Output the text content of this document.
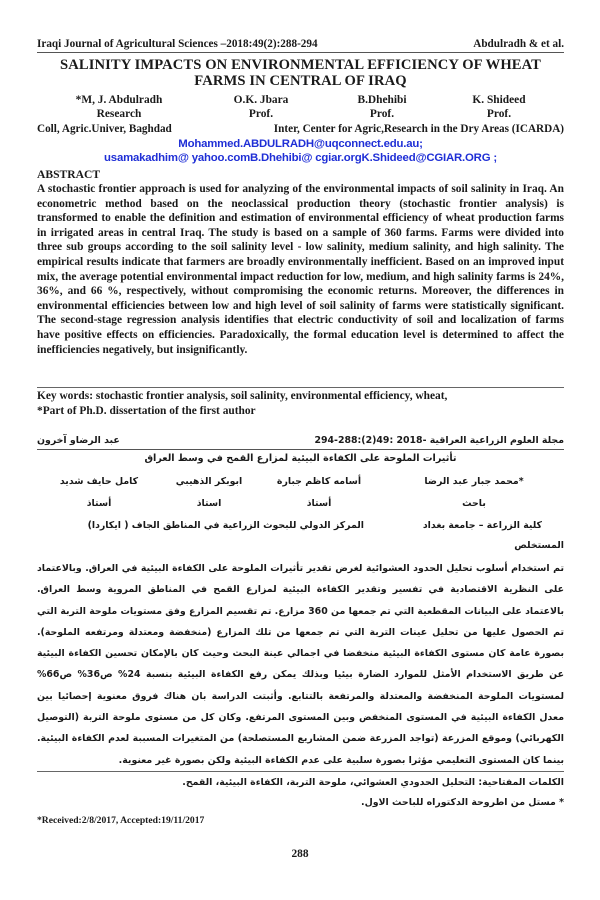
Iraqi Journal of Agricultural Sciences –2018:49(2):288-294	Abdulradh & et al.
SALINITY IMPACTS ON ENVIRONMENTAL EFFICIENCY OF WHEAT
FARMS IN CENTRAL OF IRAQ
*M, J. Abdulradh
Research
O.K. Jbara
Prof.
B.Dhehibi
Prof.
K. Shideed
Prof.
Coll, Agric.Univer, Baghdad	Inter, Center for Agric,Research in the Dry Areas (ICARDA)
Mohammed.ABDULRADH@uqconnect.edu.au;
usamakadhim@ yahoo.comB.Dhehibi@ cgiar.orgK.Shideed@CGIAR.ORG ;
ABSTRACT
A stochastic frontier approach is used for analyzing of the environmental impacts of soil salinity in Iraq. An econometric method based on the neoclassical production theory (stochastic frontier analysis) is transformed to enable the definition and estimation of environmental efficiency of wheat production farms in irrigated areas in central Iraq. The study is based on a sample of 360 farms. Farms were divided into three sub groups according to the soil salinity level - low salinity, medium salinity, and high salinity. The empirical results indicate that farmers are broadly environmentally inefficient. Based on an improved input mix, the average potential environmental impact reduction for low, medium, and high salinity farms is 24%, 36%, and 66 %, respectively, without compromising the economic returns. Moreover, the differences in environmental efficiencies between low and high level of soil salinity of farms were statistically significant. The second-stage regression analysis identifies that electric conductivity of soil and localization of farms have positive effects on efficiencies. Paradoxically, the formal education level is determined to affect the inefficiencies negatively, but insignificantly.
Key words: stochastic frontier analysis, soil salinity, environmental efficiency, wheat,
*Part of Ph.D. dissertation of the first author
مجلة العلوم الزراعية العراقية -2018 :49(2):288-294
عبد الرضاو آخرون
تأثيرات الملوحة على الكفاءة البيئية لمزارع القمح في وسط العراق
*محمد جبار عبد الرضا
أسامه كاظم جبارة
ابوبكر الذهيبي
كامل حايف شديد
باحث
أستاذ
استاذ
أستاذ
كلية الزراعة – جامعة بغداد
المركز الدولي للبحوث الزراعية في المناطق الجاف ( ايكاردا)
المستخلص
تم استخدام أسلوب تحليل الحدود العشوائية لغرض تقدير تأثيرات الملوحة على الكفاءة البيئية في العراق. وبالاعتماد على النظرية الاقتصادية في تفسير وتقدير الكفاءة البيئية لمزارع القمح في المناطق المروية وسط العراق. بالاعتماد على البيانات المقطعية التي تم جمعها من 360 مزارع. تم تقسيم المزارع وفق مستويات ملوحة التربة التي تم الحصول عليها من تحليل عينات التربة التي تم جمعها من تلك المزارع (منخفضة ومعتدلة ومرتفعه الملوحة). بصورة عامة كان مستوى الكفاءة البيئية منخفضا في اجمالي عينة البحث وحيث كان بالإمكان تحسين الكفاءة البيئية عن طريق الاستخدام الأمثل للموارد الضارة بيئيا وبذلك يمكن رفع الكفاءة البيئية بنسبة 24% ص36% ص66% لمستويات الملوحة المنخفضة والمعتدلة والمرتفعة بالتتابع. وأثبتت الدراسة بان هناك فروق معنوية إحصائيا بين معدل الكفاءة البيئية في المستوى المنخفض وبين المستوى المرتفع. وكان كل من مستوى ملوحة التربة (التوصيل الكهربائي) وموقع المزرعة (تواجد المزرعة ضمن المشاريع المستصلحة) من المتغيرات المسببة لعدم الكفاءة البيئية. بينما كان المستوى التعليمي مؤثرا بصورة سلبية على عدم الكفاءة البيئية ولكن بصورة غير معنوية.
الكلمات المفتاحية: التحليل الحدودي العشوائي، ملوحة التربة، الكفاءة البيئية، القمح.
* مستل من اطروحة الدكتوراه للباحث الاول.
*Received:2/8/2017, Accepted:19/11/2017
288
